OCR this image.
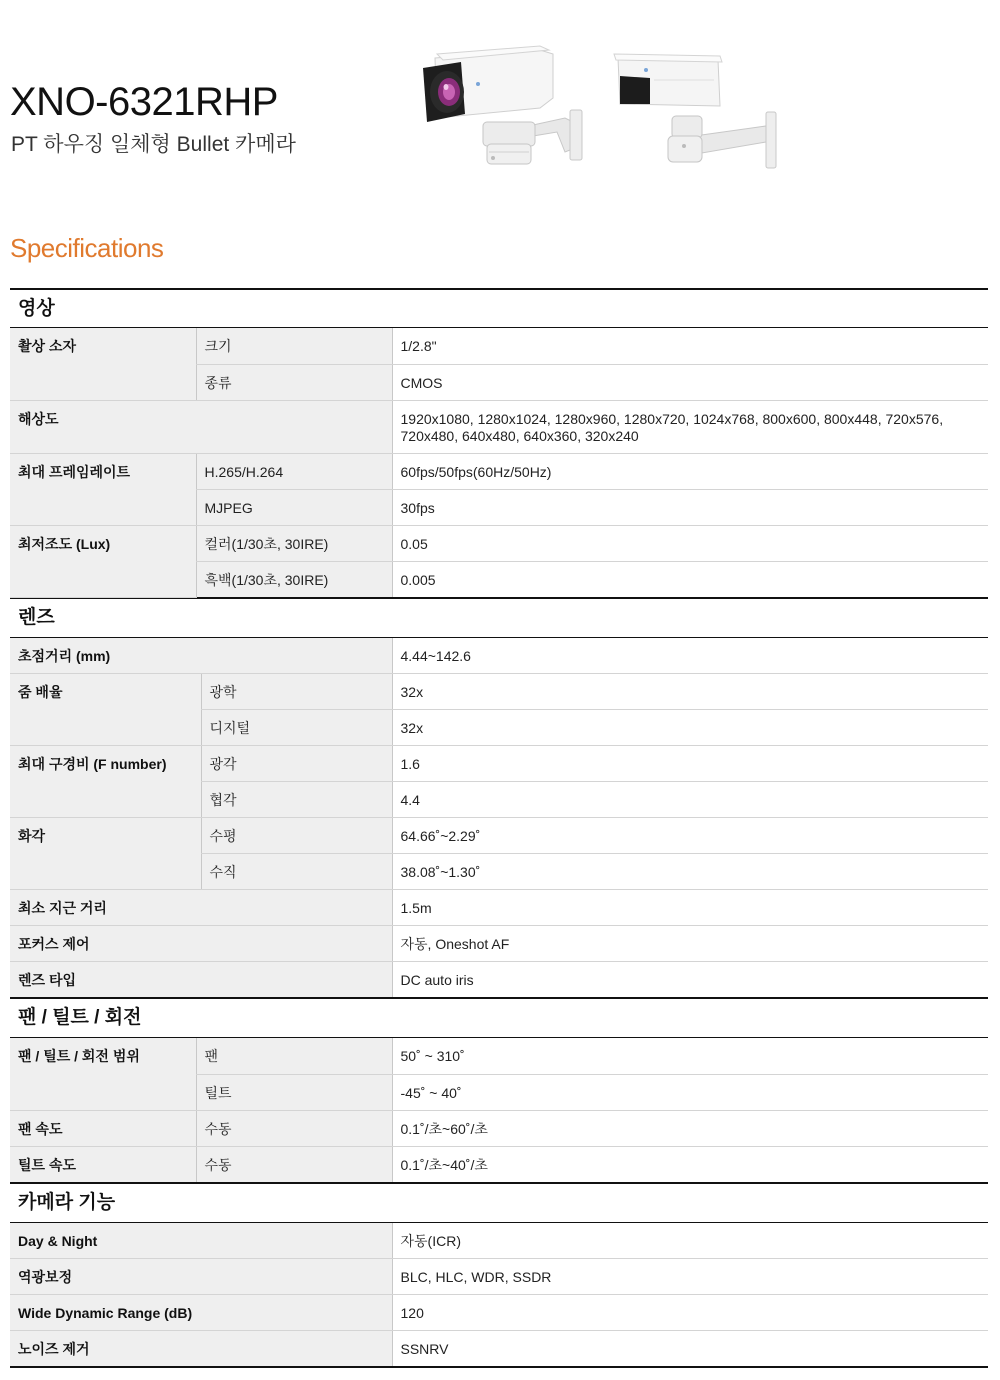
XNO-6321RHP
PT 하우징 일체형 Bullet 카메라
Specifications
영상
촬상 소자	크기	1/2.8"
	종류	CMOS
해상도		1920x1080, 1280x1024, 1280x960, 1280x720, 1024x768, 800x600, 800x448, 720x576,
720x480, 640x480, 640x360, 320x240
최대 프레임레이트	H.265/H.264	60fps/50fps(60Hz/50Hz)
	MJPEG	30fps
최저조도 (Lux)	컬러(1/30초, 30IRE)	0.05
	흑백(1/30초, 30IRE)	0.005
렌즈
초점거리 (mm)		4.44~142.6
줌 배율	광학	32x
	디지털	32x
최대 구경비 (F number)	광각	1.6
	협각	4.4
화각	수평	64.66˚~2.29˚
	수직	38.08˚~1.30˚
최소 지근 거리		1.5m
포커스 제어		자동, Oneshot AF
렌즈 타입		DC auto iris
팬 / 틸트 / 회전
팬 / 틸트 / 회전 범위	팬	50˚ ~ 310˚
	틸트	-45˚ ~ 40˚
팬 속도	수동	0.1˚/초~60˚/초
틸트 속도	수동	0.1˚/초~40˚/초
카메라 기능
Day & Night	자동(ICR)
역광보정	BLC, HLC, WDR, SSDR
Wide Dynamic Range (dB)	120
노이즈 제거	SSNRV
